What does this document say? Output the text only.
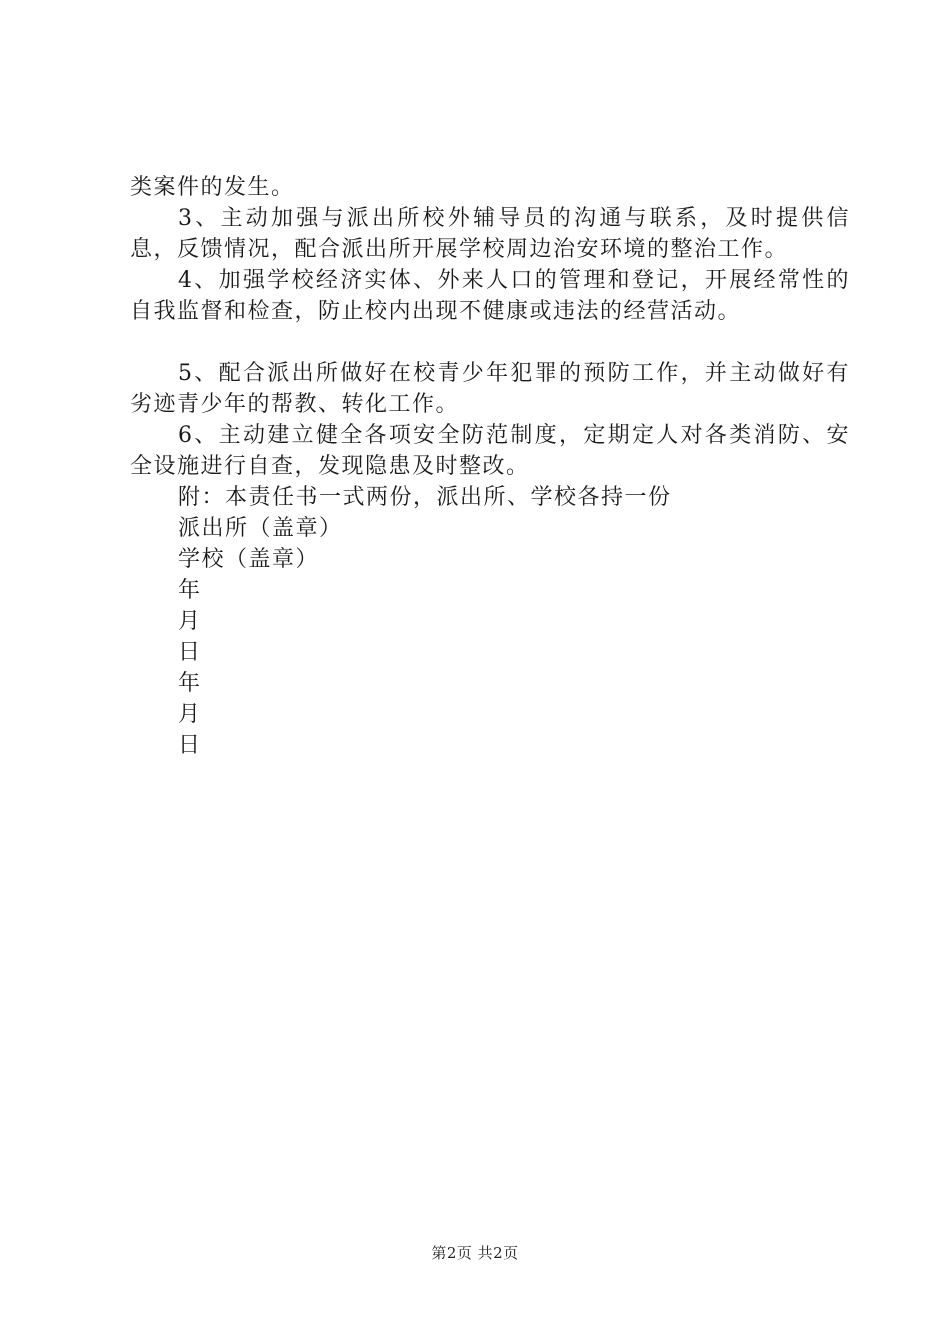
类案件的发生。

3、主动加强与派出所校外辅导员的沟通与联系，及时提供信息，反馈情况，配合派出所开展学校周边治安环境的整治工作。

4、加强学校经济实体、外来人口的管理和登记，开展经常性的自我监督和检查，防止校内出现不健康或违法的经营活动。

5、配合派出所做好在校青少年犯罪的预防工作，并主动做好有劣迹青少年的帮教、转化工作。

6、主动建立健全各项安全防范制度，定期定人对各类消防、安全设施进行自查，发现隐患及时整改。

附：本责任书一式两份，派出所、学校各持一份

派出所（盖章）

学校（盖章）

年

月

日

年

月

日

第2页 共2页
